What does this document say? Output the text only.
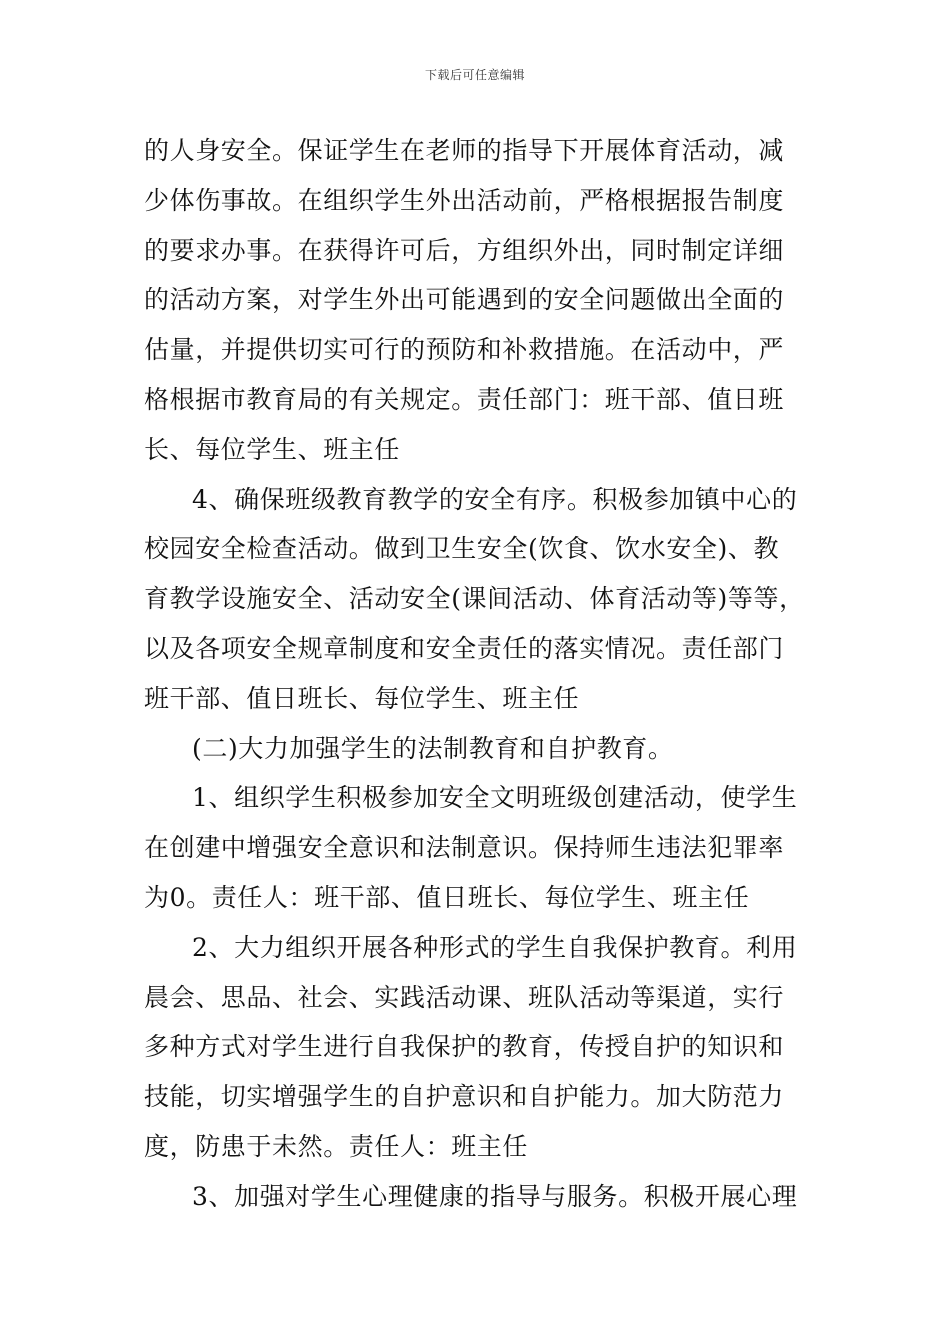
下载后可任意编辑
的人身安全。保证学生在老师的指导下开展体育活动，减
少体伤事故。在组织学生外出活动前，严格根据报告制度
的要求办事。在获得许可后，方组织外出，同时制定详细
的活动方案，对学生外出可能遇到的安全问题做出全面的
估量，并提供切实可行的预防和补救措施。在活动中，严
格根据市教育局的有关规定。责任部门：班干部、值日班
长、每位学生、班主任
4、确保班级教育教学的安全有序。积极参加镇中心的
校园安全检查活动。做到卫生安全(饮食、饮水安全)、教
育教学设施安全、活动安全(课间活动、体育活动等)等等，
以及各项安全规章制度和安全责任的落实情况。责任部门
班干部、值日班长、每位学生、班主任
(二)大力加强学生的法制教育和自护教育。
1、组织学生积极参加安全文明班级创建活动，使学生
在创建中增强安全意识和法制意识。保持师生违法犯罪率
为0。责任人：班干部、值日班长、每位学生、班主任
2、大力组织开展各种形式的学生自我保护教育。利用
晨会、思品、社会、实践活动课、班队活动等渠道，实行
多种方式对学生进行自我保护的教育，传授自护的知识和
技能，切实增强学生的自护意识和自护能力。加大防范力
度，防患于未然。责任人：班主任
3、加强对学生心理健康的指导与服务。积极开展心理
